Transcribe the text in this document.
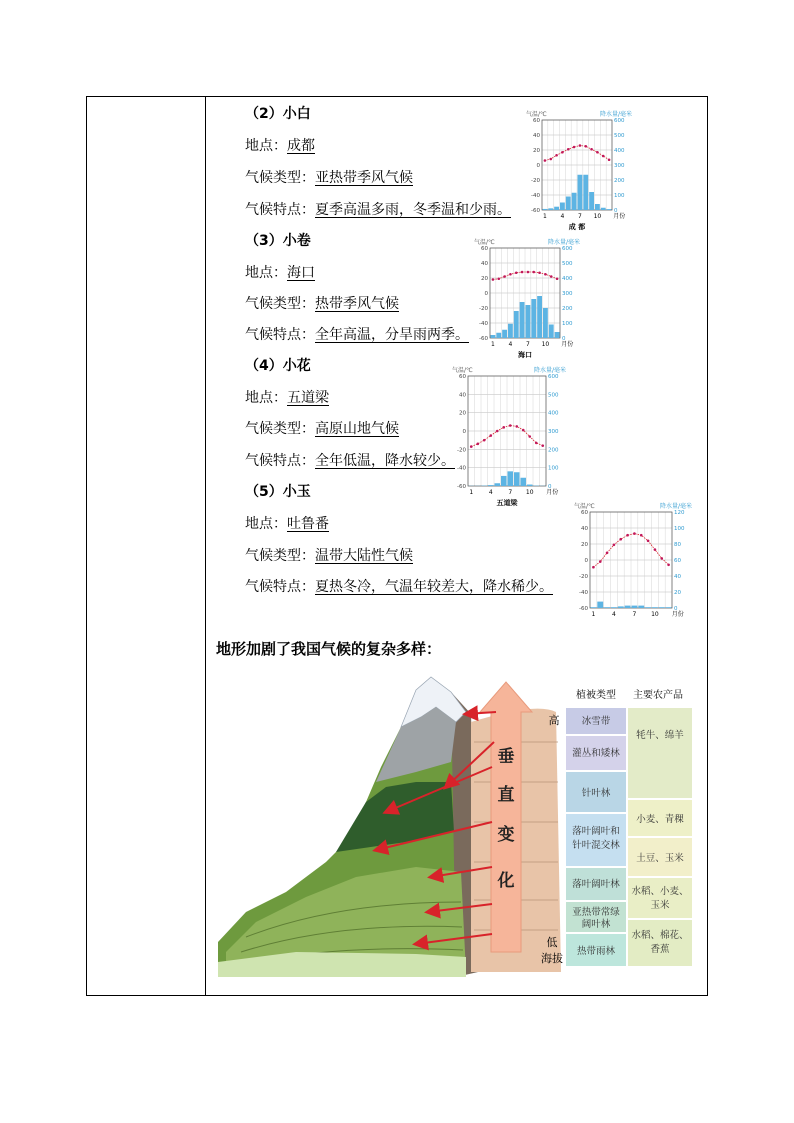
（2）小白
地点：成都
气候类型：亚热带季风气候
气候特点：夏季高温多雨，冬季温和少雨。
（3）小卷
地点：海口
气候类型：热带季风气候
气候特点：全年高温，分旱雨两季。
（4）小花
地点：五道梁
气候类型：高原山地气候
气候特点：全年低温，降水较少。
（5）小玉
地点：吐鲁番
气候类型：温带大陆性气候
气候特点：夏热冬冷，气温年较差大，降水稀少。
气温/℃	降水量/毫米
60	600
40	500
20	400
0	300
-20	200
-40	100
-60	0
1 4 7 10 月份
成 都
气温/℃	降水量/毫米
60	600
40	500
20	400
0	300
-20	200
-40	100
-60	0
1 4 7 10 月份
海口
气温/℃	降水量/毫米
60	600
40	500
20	400
0	300
-20	200
-40	100
-60	0
1	4	7 10 月份
五道梁	气温/℃	降水量/毫米
60	120
40	100
20	80
0	60
-20	40
-40	20
-60	0
1	4	7 10 月份
地形加剧了我国气候的复杂多样：
垂
直
变
化
高
低
海拔
植被类型 主要农产品
冰雪带
灌丛和矮林
针叶林
落叶阔叶和
针叶混交林
落叶阔叶林
亚热带常绿
阔叶林
热带雨林
牦牛、绵羊
小麦、青稞
土豆、玉米
水稻、小麦、
玉米
水稻、棉花、
香蕉
